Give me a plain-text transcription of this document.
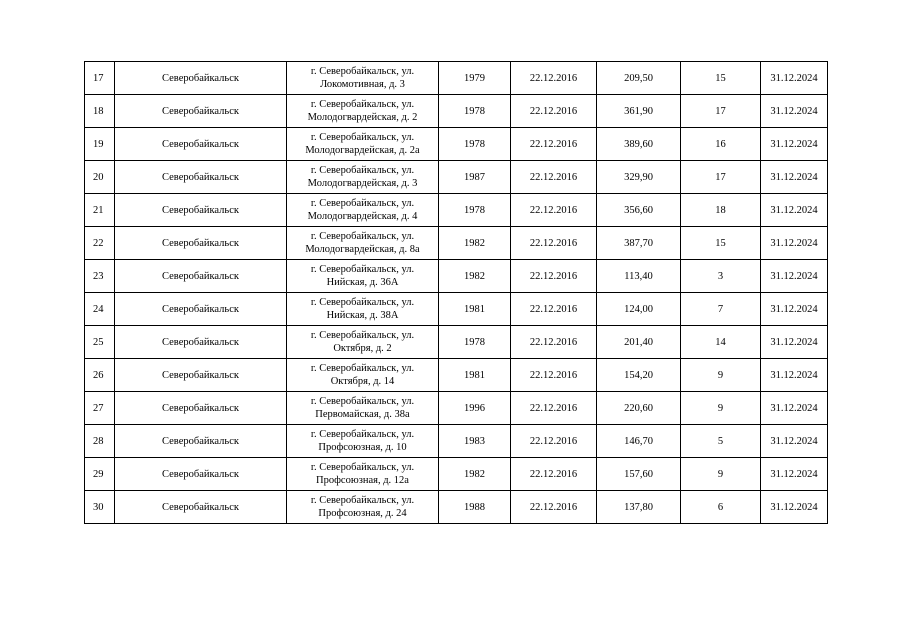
17	Северобайкальск	г. Северобайкальск, ул.
Локомотивная, д. 3	1979	22.12.2016	209,50	15	31.12.2024
18	Северобайкальск	г. Северобайкальск, ул.
Молодогвардейская, д. 2	1978	22.12.2016	361,90	17	31.12.2024
19	Северобайкальск	г. Северобайкальск, ул.
Молодогвардейская, д. 2а	1978	22.12.2016	389,60	16	31.12.2024
20	Северобайкальск	г. Северобайкальск, ул.
Молодогвардейская, д. 3	1987	22.12.2016	329,90	17	31.12.2024
21	Северобайкальск	г. Северобайкальск, ул.
Молодогвардейская, д. 4	1978	22.12.2016	356,60	18	31.12.2024
22	Северобайкальск	г. Северобайкальск, ул.
Молодогвардейская, д. 8а	1982	22.12.2016	387,70	15	31.12.2024
23	Северобайкальск	г. Северобайкальск, ул.
Нийская, д. 36А	1982	22.12.2016	113,40	3	31.12.2024
24	Северобайкальск	г. Северобайкальск, ул.
Нийская, д. 38А	1981	22.12.2016	124,00	7	31.12.2024
25	Северобайкальск	г. Северобайкальск, ул.
Октября, д. 2	1978	22.12.2016	201,40	14	31.12.2024
26	Северобайкальск	г. Северобайкальск, ул.
Октября, д. 14	1981	22.12.2016	154,20	9	31.12.2024
27	Северобайкальск	г. Северобайкальск, ул.
Первомайская, д. 38а	1996	22.12.2016	220,60	9	31.12.2024
28	Северобайкальск	г. Северобайкальск, ул.
Профсоюзная, д. 10	1983	22.12.2016	146,70	5	31.12.2024
29	Северобайкальск	г. Северобайкальск, ул.
Профсоюзная, д. 12а	1982	22.12.2016	157,60	9	31.12.2024
30	Северобайкальск	г. Северобайкальск, ул.
Профсоюзная, д. 24	1988	22.12.2016	137,80	6	31.12.2024
